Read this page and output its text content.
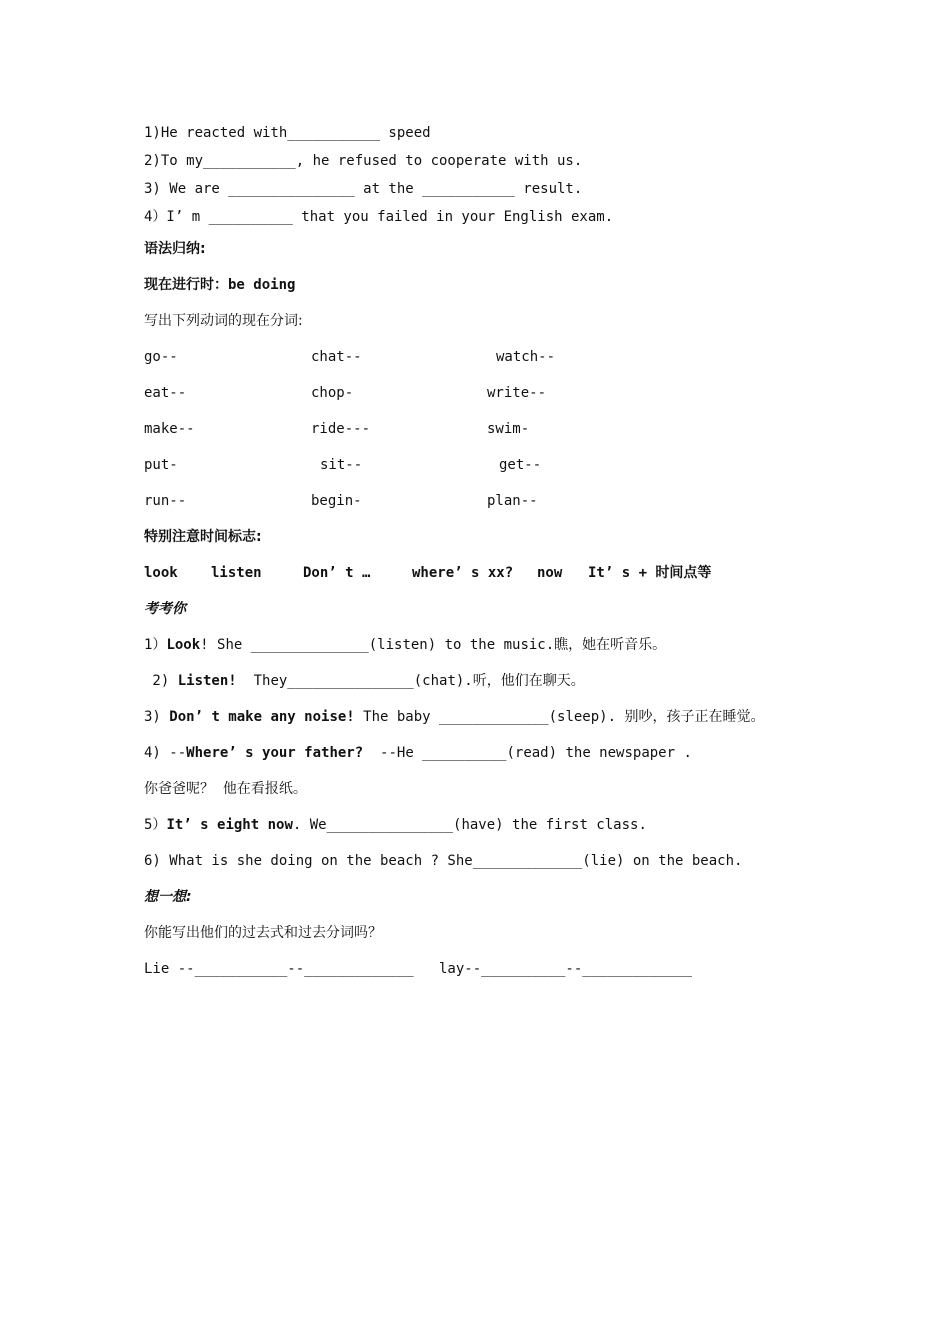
1)He reacted with___________ speed
2)To my___________, he refused to cooperate with us.
3) We are _______________ at the ___________ result.
4）I’ m __________ that you failed in your English exam.
语法归纳:
现在进行时：be doing
写出下列动词的现在分词:
go--	chat--	watch--
eat--	chop-	write--
make--	ride---	swim-
put-	sit--	get--
run--	begin-	plan--
特别注意时间标志:
look listen	Don’ t …	where’ s xx? now It’ s + 时间点等
考考你
1）Look! She ______________(listen) to the music.瞧，她在听音乐。
2) Listen!  They_______________(chat).听，他们在聊天。
3) Don’ t make any noise! The baby _____________(sleep). 别吵，孩子正在睡觉。
4) --Where’ s your father?  --He __________(read) the newspaper .
你爸爸呢？  他在看报纸。
5）It’ s eight now. We_______________(have) the first class.
6) What is she doing on the beach ? She_____________(lie) on the beach.
想一想:
你能写出他们的过去式和过去分词吗？
Lie --___________--_____________   lay--__________--_____________
